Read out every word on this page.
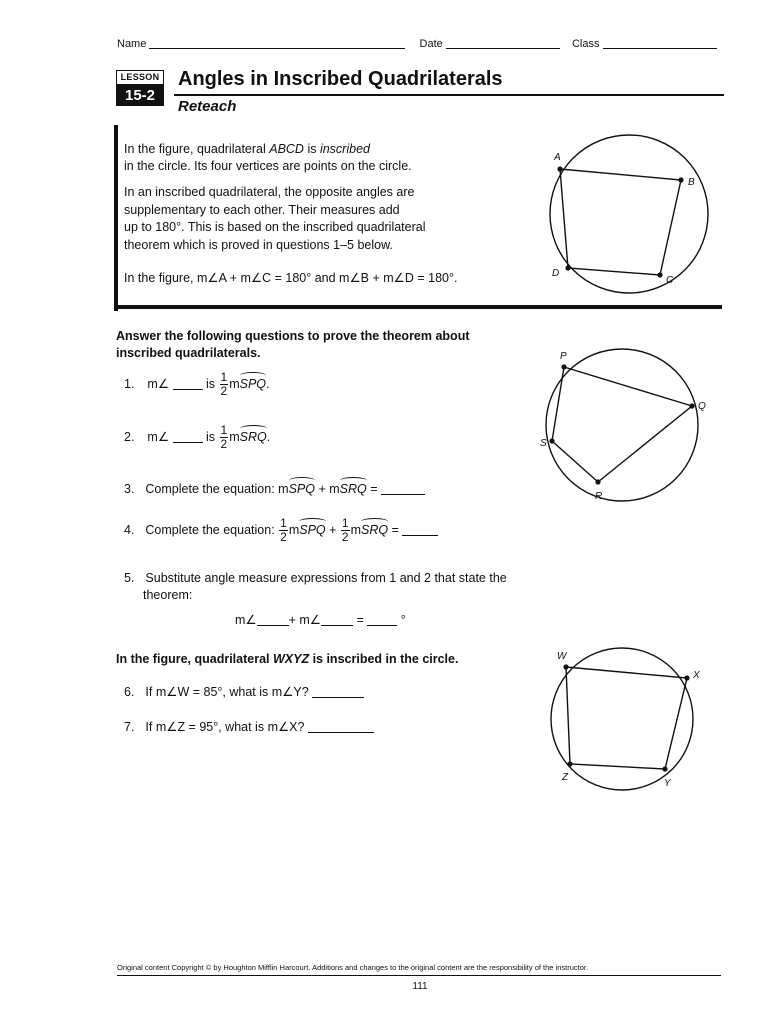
Name	Date	Class
LESSON
15-2
Angles in Inscribed Quadrilaterals
Reteach
In the figure, quadrilateral ABCD is inscribed
in the circle. Its four vertices are points on the circle.
In an inscribed quadrilateral, the opposite angles are
supplementary to each other. Their measures add
up to 180°. This is based on the inscribed quadrilateral
theorem which is proved in questions 1–5 below.
In the figure, m∠A + m∠C = 180° and m∠B + m∠D = 180°.
A
B
C
D
Answer the following questions to prove the theorem about
inscribed quadrilaterals.
1. m∠	is $\frac{1}{2}$ mSPQ.
2. m∠	is $\frac{1}{2}$ mSRQ.
P
Q
R
S
3. Complete the equation: mSPQ + mSRQ =
4. Complete the equation: $\frac{1}{2}$ mSPQ + $\frac{1}{2}$ mSRQ =
5. Substitute angle measure expressions from 1 and 2 that state the
theorem:
m∠	+ m∠	=  °
In the figure, quadrilateral WXYZ is inscribed in the circle.
6. If m∠W = 85°, what is m∠Y?
7. If m∠Z = 95°, what is m∠X?
W
X
Y
Z
Original content Copyright © by Houghton Mifflin Harcourt. Additions and changes to the original content are the responsibility of the instructor.
111
